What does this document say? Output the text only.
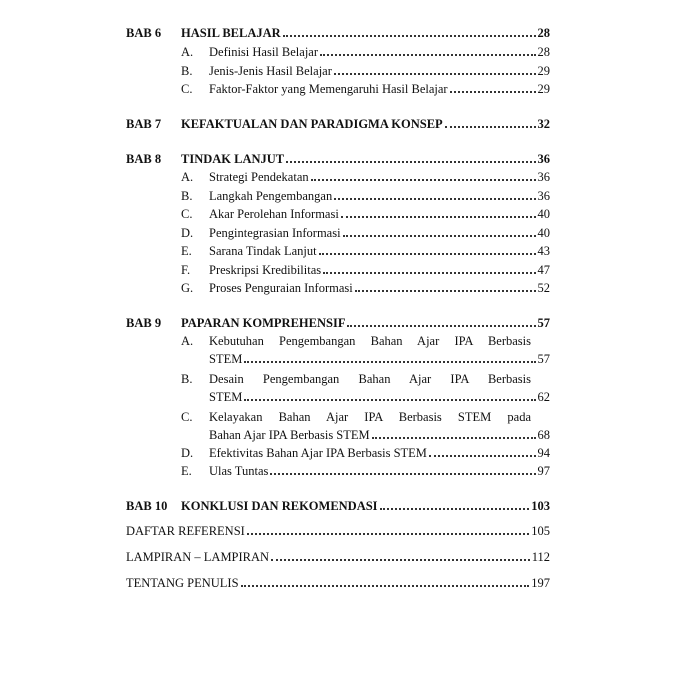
BAB 6	HASIL BELAJAR	28
A.	Definisi Hasil Belajar	28
B.	Jenis-Jenis Hasil Belajar	29
C.	Faktor-Faktor yang Memengaruhi Hasil Belajar	29
BAB 7	KEFAKTUALAN DAN PARADIGMA KONSEP	32
BAB 8	TINDAK LANJUT	36
A.	Strategi Pendekatan	36
B.	Langkah Pengembangan	36
C.	Akar Perolehan Informasi	40
D.	Pengintegrasian Informasi	40
E.	Sarana Tindak Lanjut	43
F.	Preskripsi Kredibilitas	47
G.	Proses Penguraian Informasi	52
BAB 9	PAPARAN KOMPREHENSIF	57
A.	Kebutuhan Pengembangan Bahan Ajar IPA Berbasis
STEM	57
B.	Desain Pengembangan Bahan Ajar IPA Berbasis
STEM	62
C.	Kelayakan Bahan Ajar IPA Berbasis STEM pada
Bahan Ajar IPA Berbasis STEM	68
D.	Efektivitas Bahan Ajar IPA Berbasis STEM	94
E.	Ulas Tuntas	97
BAB 10	KONKLUSI DAN REKOMENDASI	103
DAFTAR REFERENSI	105
LAMPIRAN – LAMPIRAN	112
TENTANG PENULIS	197
